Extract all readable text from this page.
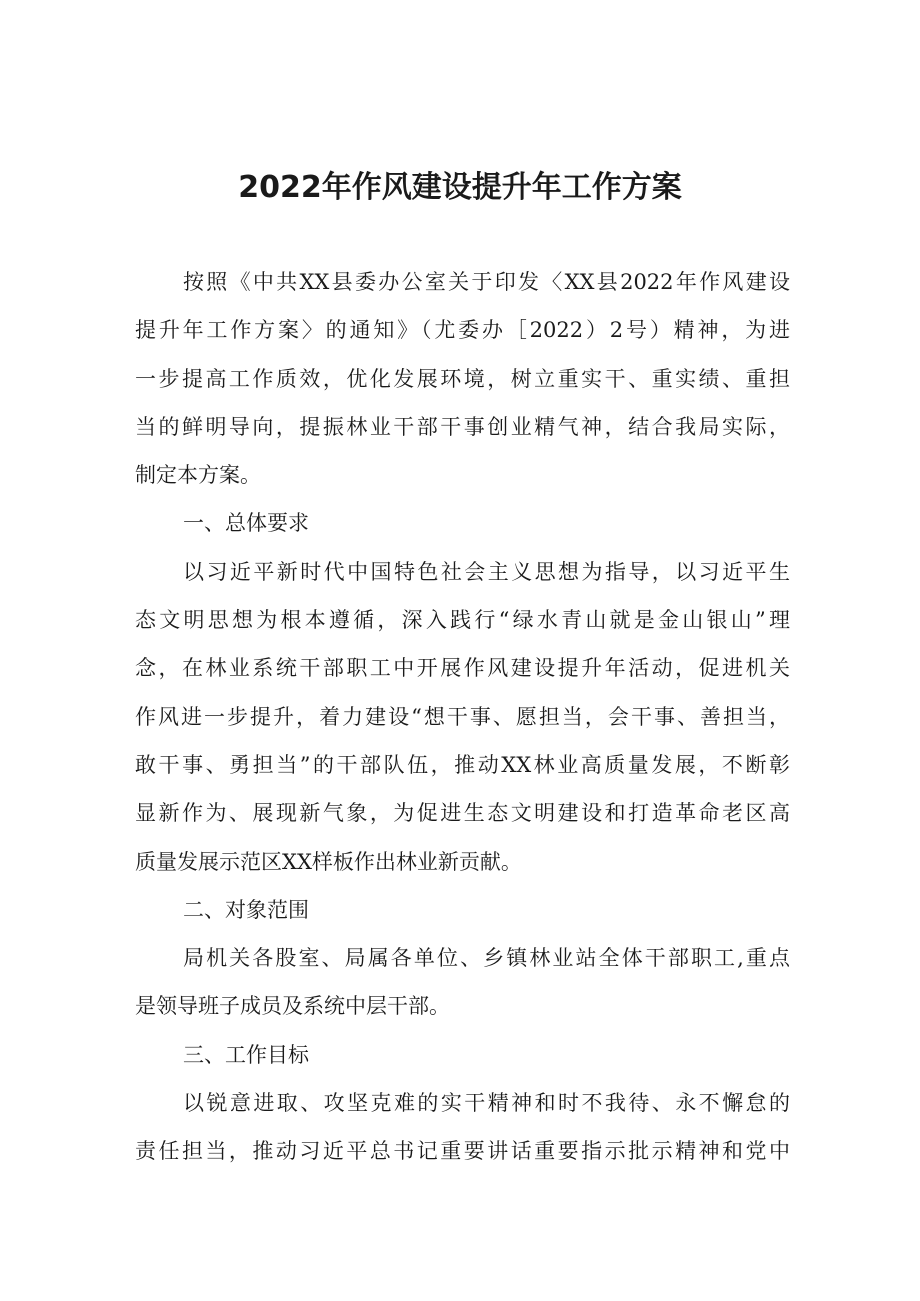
2022年作风建设提升年工作方案
按照《中共XX县委办公室关于印发〈XX县2022年作风建设
提升年工作方案〉的通知》（尤委办［2022）2号）精神，为进
一步提高工作质效，优化发展环境，树立重实干、重实绩、重担
当的鲜明导向，提振林业干部干事创业精气神，结合我局实际，
制定本方案。
一、总体要求
以习近平新时代中国特色社会主义思想为指导，以习近平生
态文明思想为根本遵循，深入践行“绿水青山就是金山银山”理
念，在林业系统干部职工中开展作风建设提升年活动，促进机关
作风进一步提升，着力建设“想干事、愿担当，会干事、善担当，
敢干事、勇担当”的干部队伍，推动XX林业高质量发展，不断彰
显新作为、展现新气象，为促进生态文明建设和打造革命老区高
质量发展示范区XX样板作出林业新贡献。
二、对象范围
局机关各股室、局属各单位、乡镇林业站全体干部职工,重点
是领导班子成员及系统中层干部。
三、工作目标
以锐意进取、攻坚克难的实干精神和时不我待、永不懈怠的
责任担当，推动习近平总书记重要讲话重要指示批示精神和党中
